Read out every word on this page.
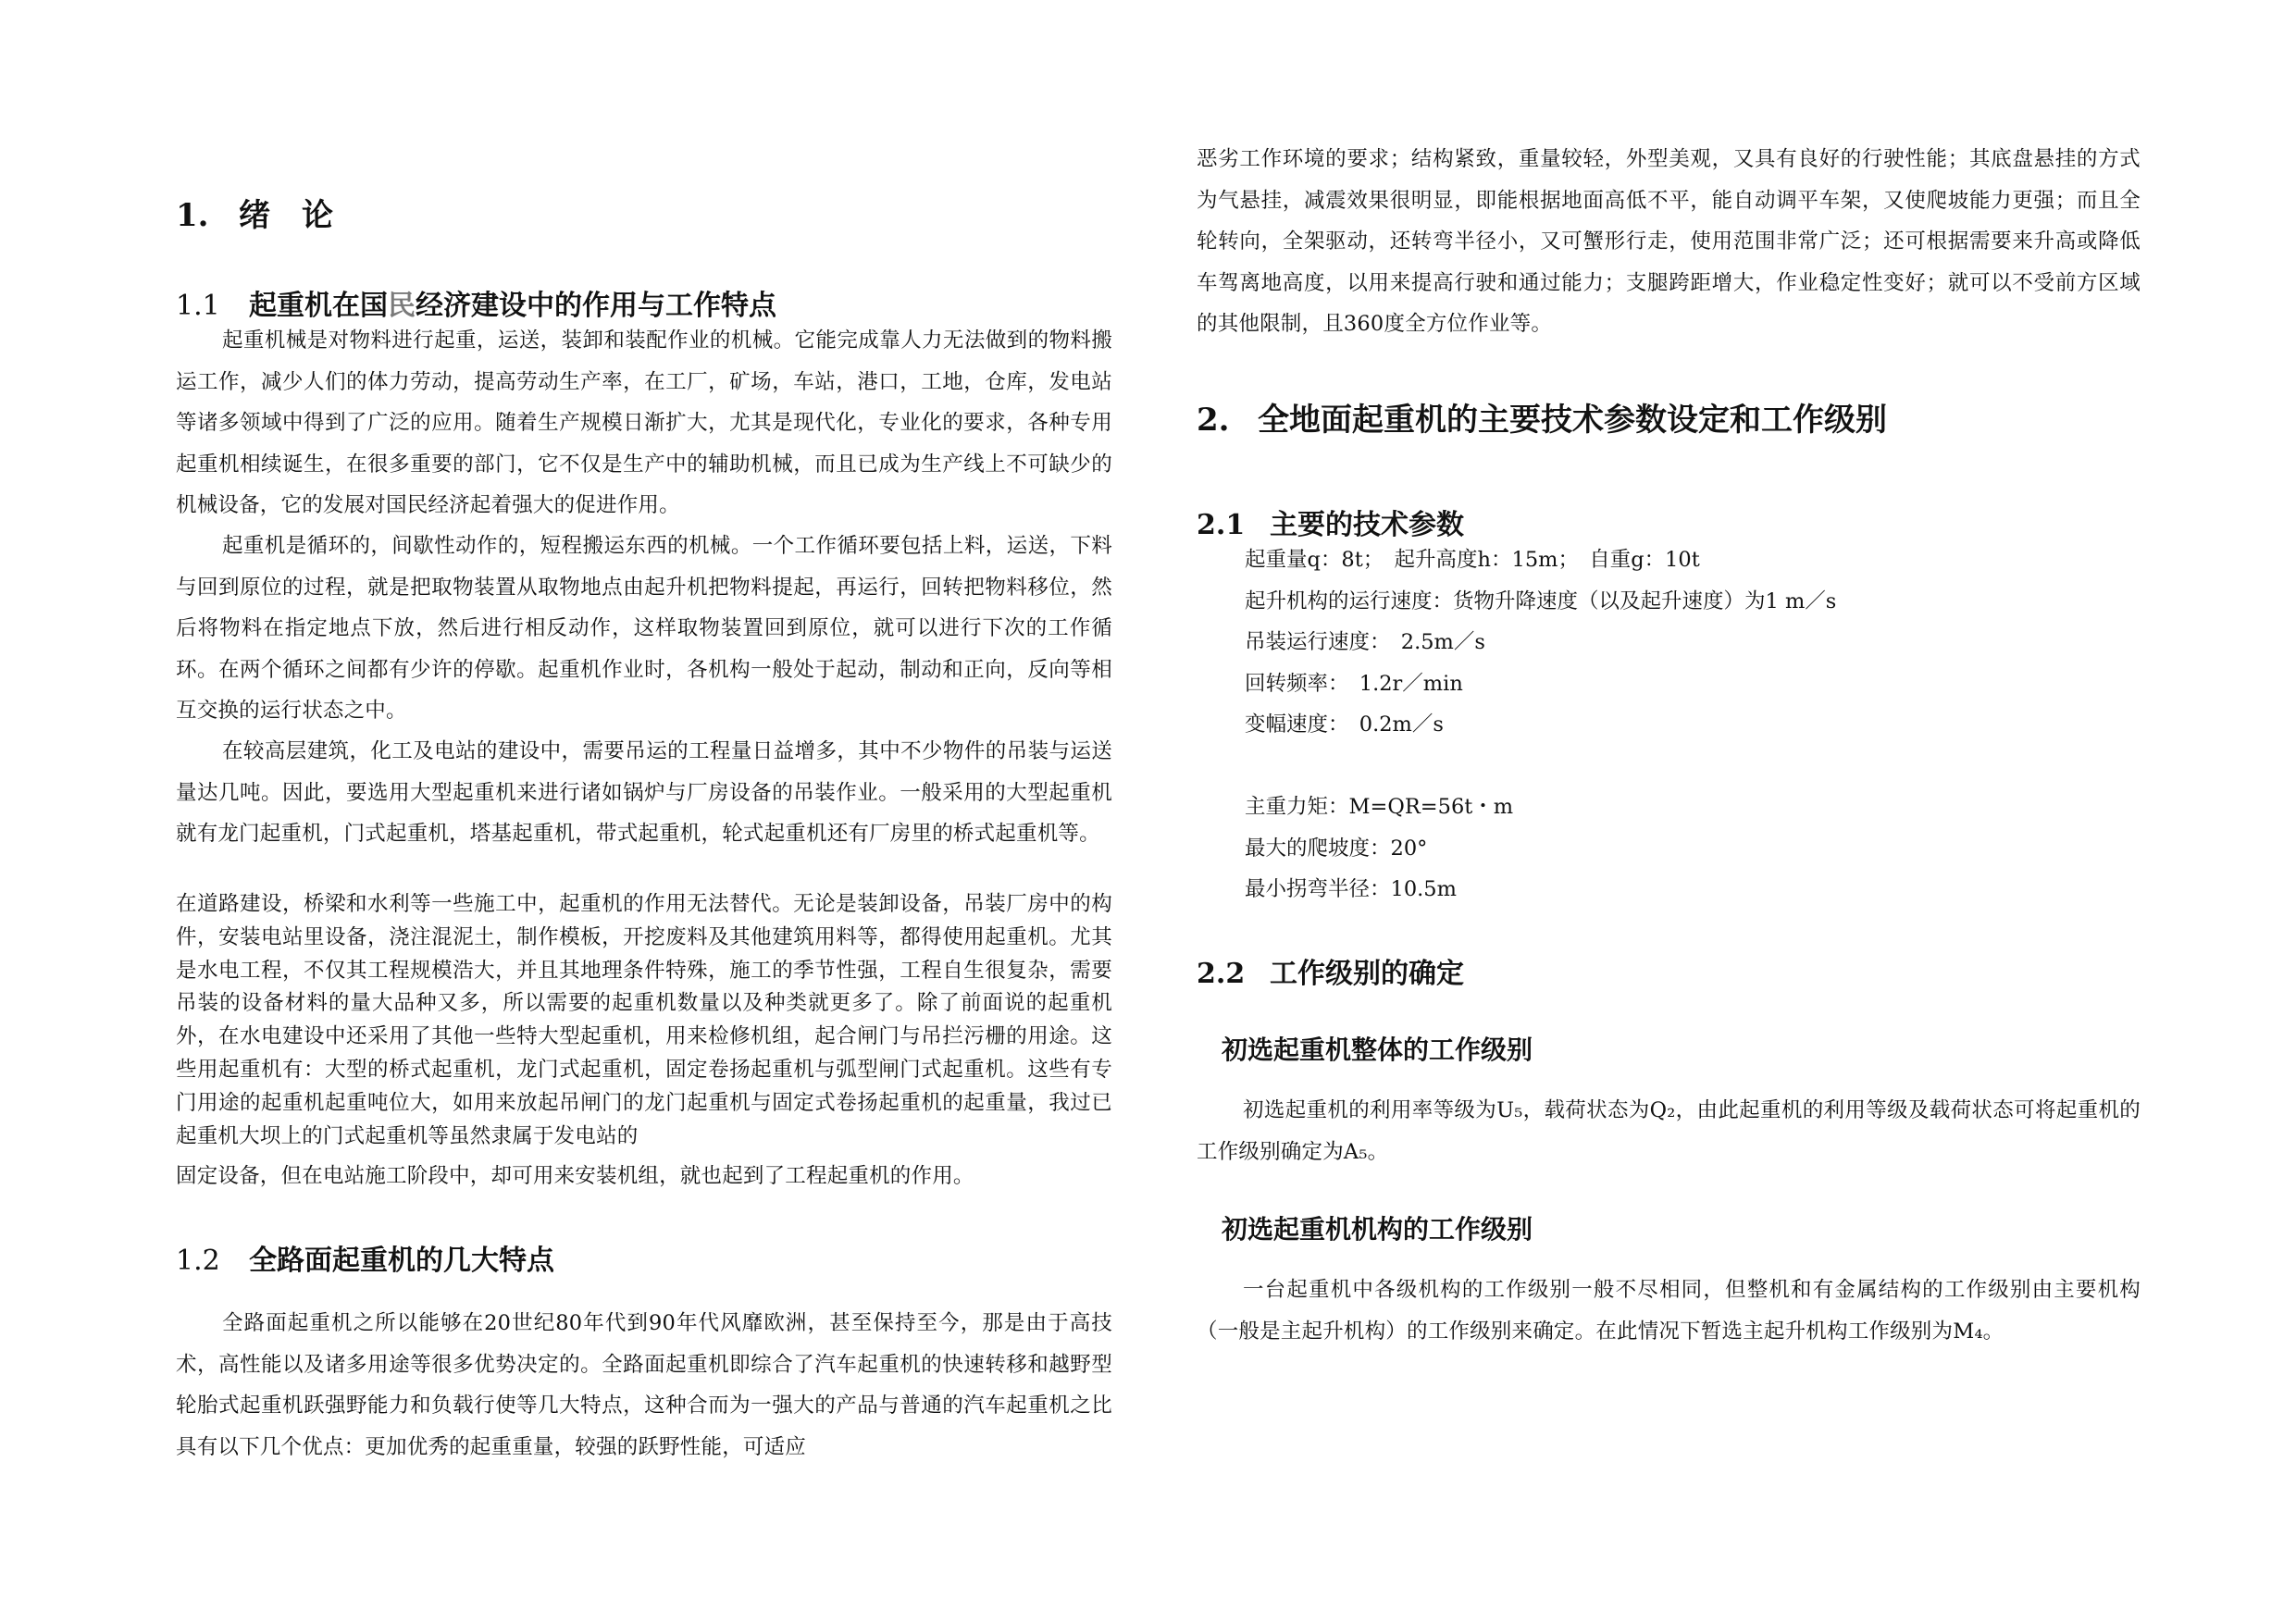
1. 绪　论
1.1 起重机在国民经济建设中的作用与工作特点

起重机械是对物料进行起重，运送，装卸和装配作业的机械。它能完成靠人力无法做到的物料搬运工作，减少人们的体力劳动，提高劳动生产率，在工厂，矿场，车站，港口，工地，仓库，发电站等诸多领域中得到了广泛的应用。随着生产规模日渐扩大，尤其是现代化，专业化的要求，各种专用起重机相续诞生，在很多重要的部门，它不仅是生产中的辅助机械，而且已成为生产线上不可缺少的机械设备，它的发展对国民经济起着强大的促进作用。

起重机是循环的，间歇性动作的，短程搬运东西的机械。一个工作循环要包括上料，运送，下料与回到原位的过程，就是把取物装置从取物地点由起升机把物料提起，再运行，回转把物料移位，然后将物料在指定地点下放，然后进行相反动作，这样取物装置回到原位，就可以进行下次的工作循环。在两个循环之间都有少许的停歇。起重机作业时，各机构一般处于起动，制动和正向，反向等相互交换的运行状态之中。

在较高层建筑，化工及电站的建设中，需要吊运的工程量日益增多，其中不少物件的吊装与运送量达几吨。因此，要选用大型起重机来进行诸如锅炉与厂房设备的吊装作业。一般采用的大型起重机就有龙门起重机，门式起重机，塔基起重机，带式起重机，轮式起重机还有厂房里的桥式起重机等。

在道路建设，桥梁和水利等一些施工中，起重机的作用无法替代。无论是装卸设备，吊装厂房中的构件，安装电站里设备，浇注混泥土，制作模板，开挖废料及其他建筑用料等，都得使用起重机。尤其是水电工程，不仅其工程规模浩大，并且其地理条件特殊，施工的季节性强，工程自生很复杂，需要吊装的设备材料的量大品种又多，所以需要的起重机数量以及种类就更多了。除了前面说的起重机外，在水电建设中还采用了其他一些特大型起重机，用来检修机组，起合闸门与吊拦污栅的用途。这些用起重机有：大型的桥式起重机，龙门式起重机，固定卷扬起重机与弧型闸门式起重机。这些有专门用途的起重机起重吨位大，如用来放起吊闸门的龙门起重机与固定式卷扬起重机的起重量，我过已起重机大坝上的门式起重机等虽然隶属于发电站的

固定设备，但在电站施工阶段中，却可用来安装机组，就也起到了工程起重机的作用。

1.2 全路面起重机的几大特点

全路面起重机之所以能够在20世纪80年代到90年代风靡欧洲，甚至保持至今，那是由于高技术，高性能以及诸多用途等很多优势决定的。全路面起重机即综合了汽车起重机的快速转移和越野型轮胎式起重机跃强野能力和负载行使等几大特点，这种合而为一强大的产品与普通的汽车起重机之比具有以下几个优点：更加优秀的起重重量，较强的跃野性能，可适应

恶劣工作环境的要求；结构紧致，重量较轻，外型美观，又具有良好的行驶性能；其底盘悬挂的方式为气悬挂，减震效果很明显，即能根据地面高低不平，能自动调平车架，又使爬坡能力更强；而且全轮转向，全架驱动，还转弯半径小，又可蟹形行走，使用范围非常广泛；还可根据需要来升高或降低车驾离地高度，以用来提高行驶和通过能力；支腿跨距增大，作业稳定性变好；就可以不受前方区域的其他限制，且360度全方位作业等。

2. 全地面起重机的主要技术参数设定和工作级别
2.1 主要的技术参数
起重量q：8t；　起升高度h：15m；　自重g：10t
起升机构的运行速度：货物升降速度（以及起升速度）为1 m／s
吊装运行速度：　2.5m／s
回转频率：　1.2r／min
变幅速度：　0.2m／s
主重力矩：M=QR=56t・m
最大的爬坡度：20°
最小拐弯半径：10.5m
2.2 工作级别的确定
初选起重机整体的工作级别

初选起重机的利用率等级为U₅，载荷状态为Q₂，由此起重机的利用等级及载荷状态可将起重机的工作级别确定为A₅。

初选起重机机构的工作级别

一台起重机中各级机构的工作级别一般不尽相同，但整机和有金属结构的工作级别由主要机构（一般是主起升机构）的工作级别来确定。在此情况下暂选主起升机构工作级别为M₄。
